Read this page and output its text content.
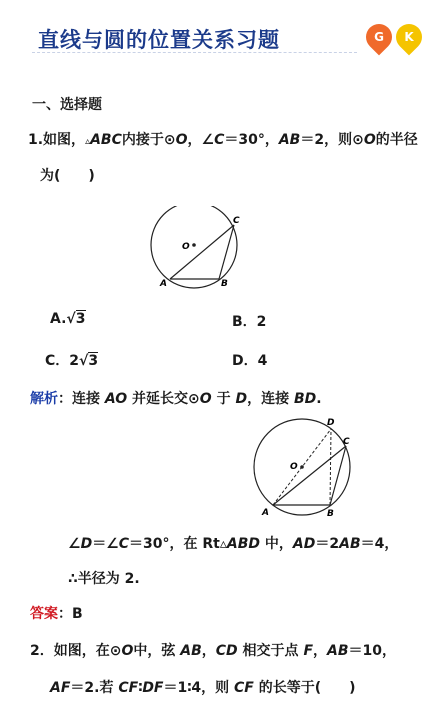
直线与圆的位置关系习题	G	K
一、选择题
1.如图，▵ABC内接于⊙O，∠C＝30°，AB＝2，则⊙O的半径
为(　　)
O
A	B
C
A.√3	B．2
C．2√3	D．4
解析：连接 AO 并延长交⊙O 于 D，连接 BD.
O
A	B
C
D
∠D＝∠C＝30°，在 Rt▵ABD 中，AD＝2AB＝4，
∴半径为 2.
答案：B
2．如图，在⊙O中，弦 AB，CD 相交于点 F，AB＝10，
AF＝2.若 CF∶DF＝1∶4，则 CF 的长等于(　　)
